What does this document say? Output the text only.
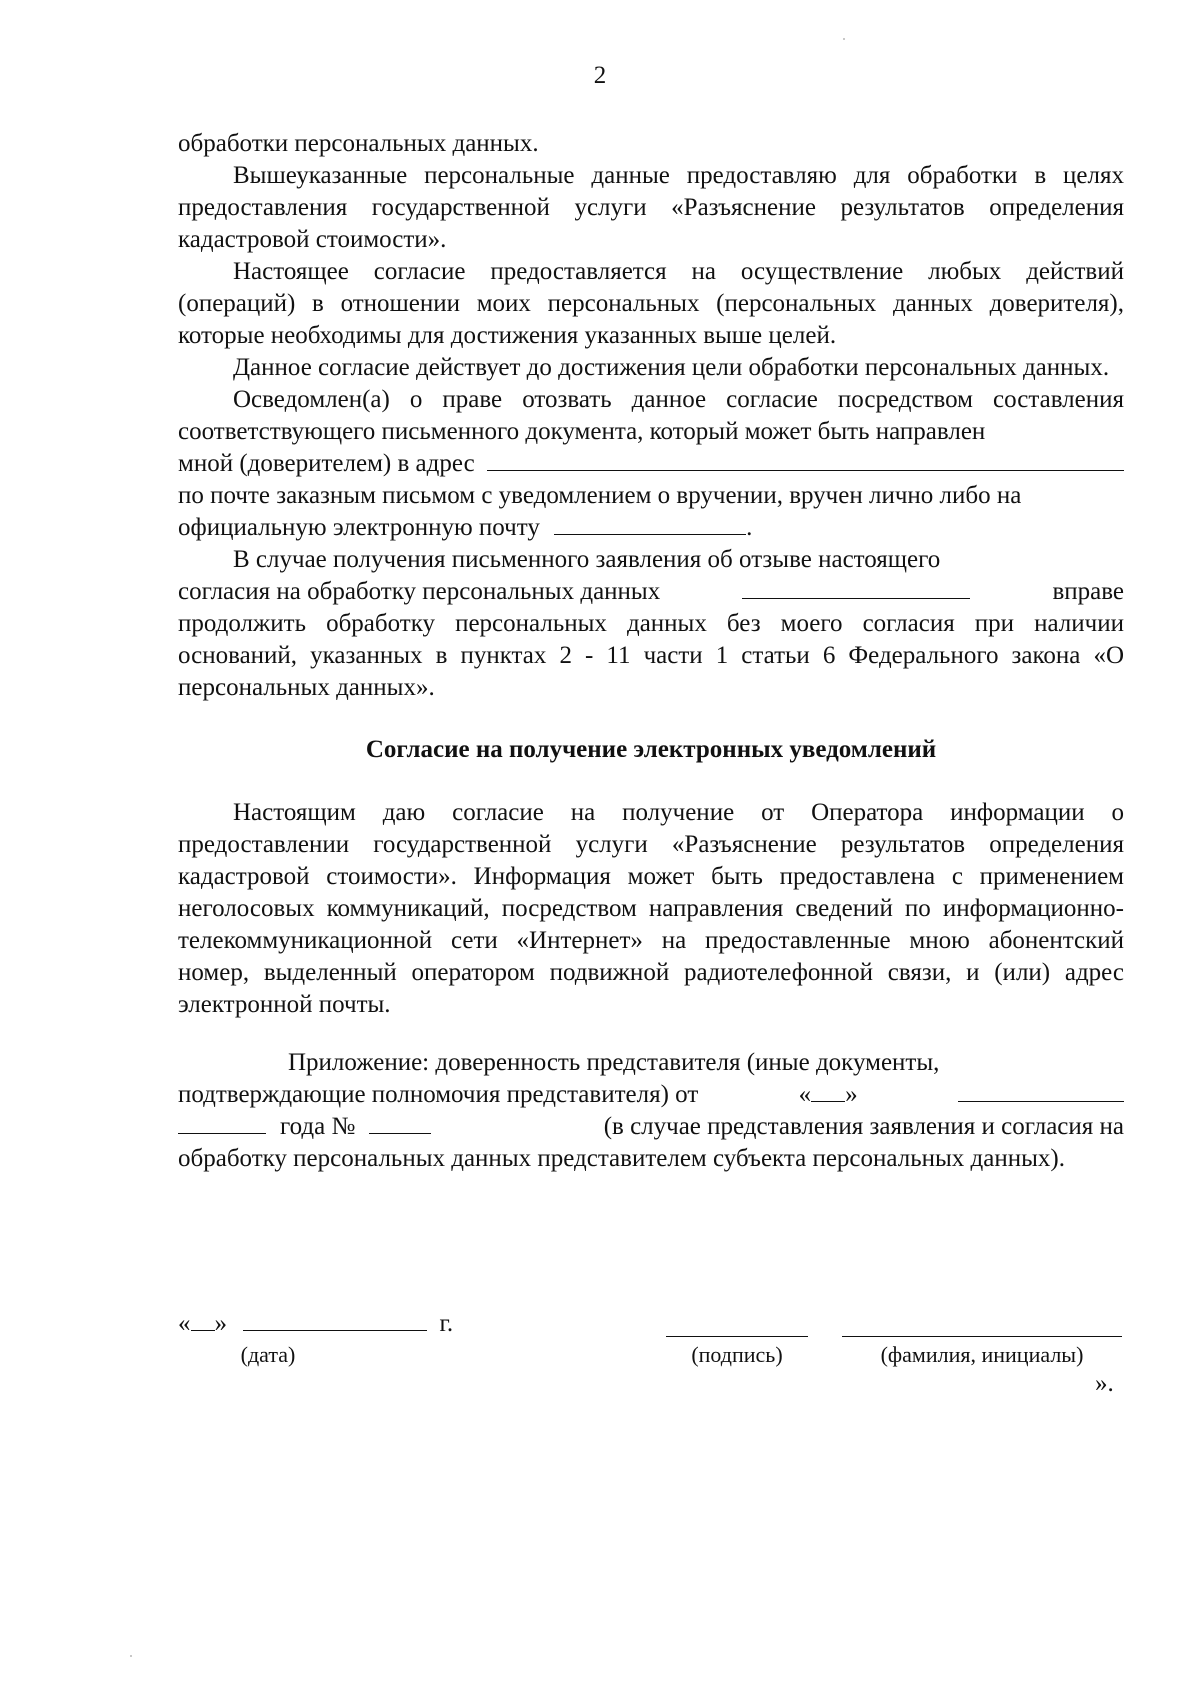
2

обработки персональных данных.

Вышеуказанные персональные данные предоставляю для обработки в целях предоставления государственной услуги «Разъяснение результатов определения кадастровой стоимости».

Настоящее согласие предоставляется на осуществление любых действий (операций) в отношении моих персональных (персональных данных доверителя), которые необходимы для достижения указанных выше целей.

Данное согласие действует до достижения цели обработки персональных данных.

Осведомлен(а) о праве отозвать данное согласие посредством составления соответствующего письменного документа, который может быть направлен

мной (доверителем) в адрес

по почте заказным письмом с уведомлением о вручении, вручен лично либо на

официальную электронную почту	.
В случае получения письменного заявления об отзыве настоящего
согласия на обработку персональных данных	вправе

продолжить обработку персональных данных без моего согласия при наличии оснований, указанных в пунктах 2 - 11 части 1 статьи 6 Федерального закона «О персональных данных».

Согласие на получение электронных уведомлений

Настоящим даю согласие на получение от Оператора информации о предоставлении государственной услуги «Разъяснение результатов определения кадастровой стоимости». Информация может быть предоставлена с применением неголосовых коммуникаций, посредством направления сведений по информационно-телекоммуникационной сети «Интернет» на предоставленные мною абонентский номер, выделенный оператором подвижной радиотелефонной связи, и (или) адрес электронной почты.

Приложение: доверенность представителя (иные документы,

подтверждающие полномочия представителя) от	« »
года №	(в случае представления заявления и согласия на

обработку персональных данных представителем субъекта персональных данных).

« »	г.
(дата)	(подпись)	(фамилия, инициалы)
».
